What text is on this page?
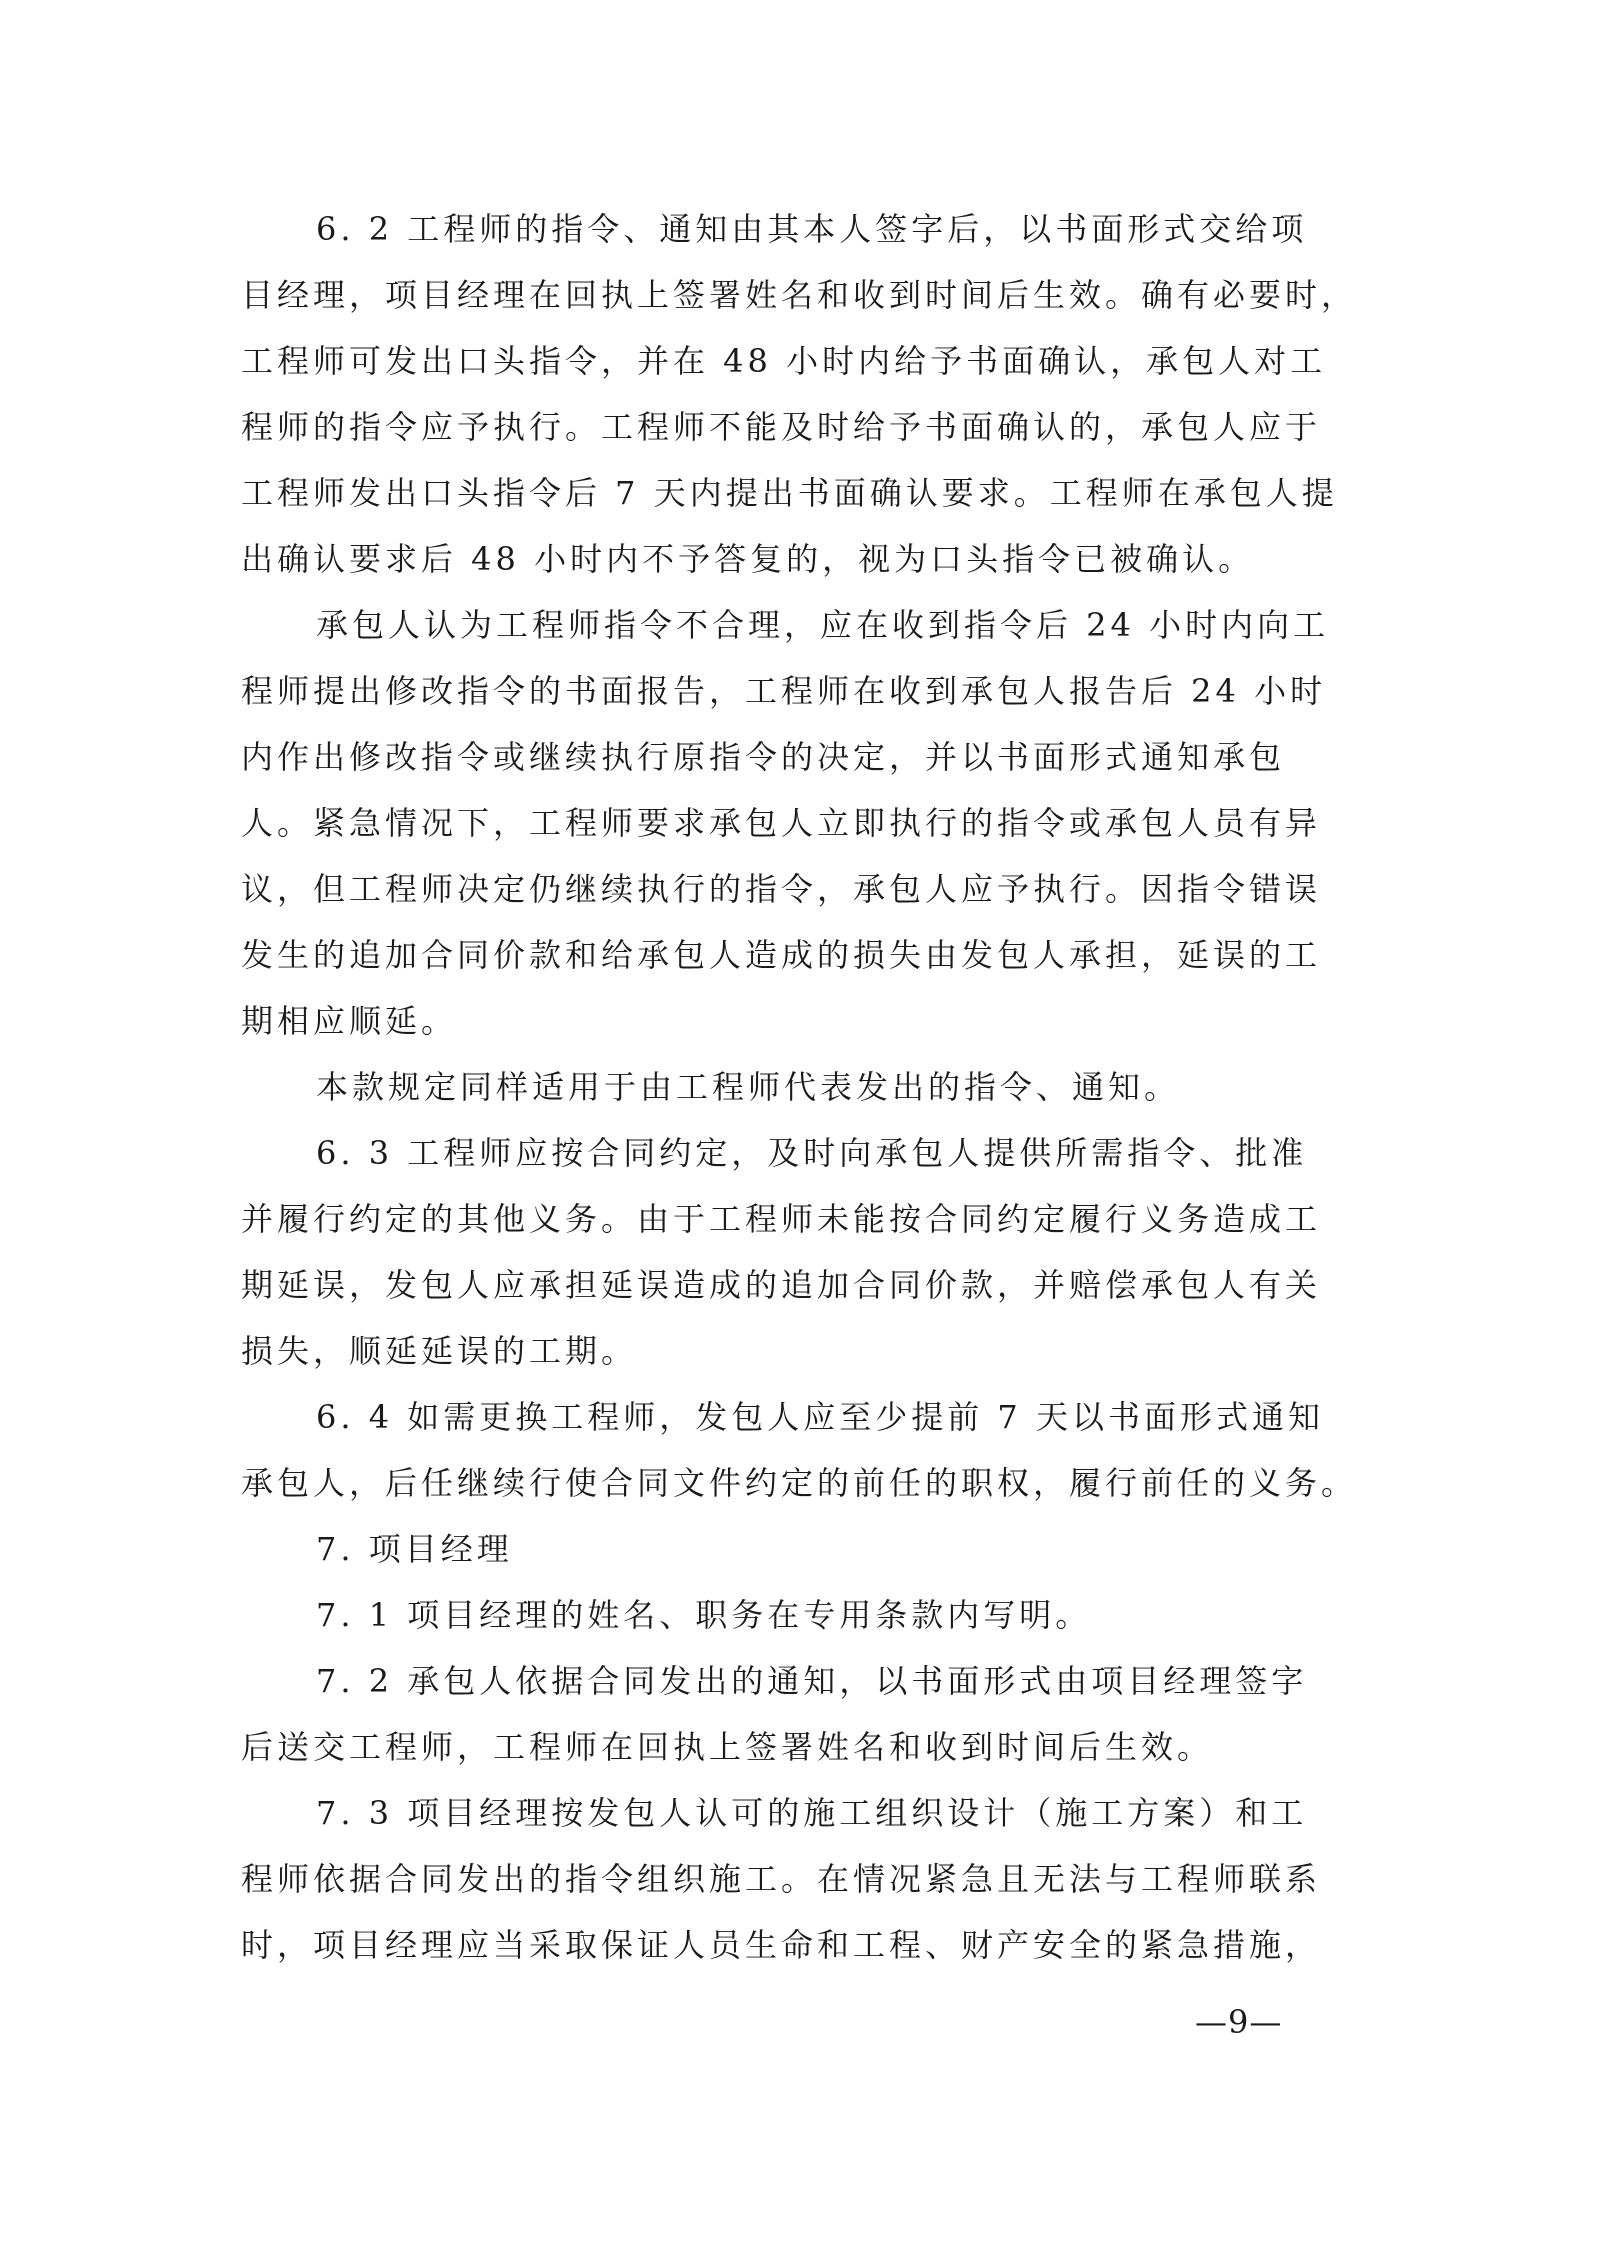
6. 2 工程师的指令、通知由其本人签字后，以书面形式交给项
目经理，项目经理在回执上签署姓名和收到时间后生效。确有必要时，
工程师可发出口头指令，并在 48 小时内给予书面确认，承包人对工
程师的指令应予执行。工程师不能及时给予书面确认的，承包人应于
工程师发出口头指令后 7 天内提出书面确认要求。工程师在承包人提
出确认要求后 48 小时内不予答复的，视为口头指令已被确认。

承包人认为工程师指令不合理，应在收到指令后 24 小时内向工
程师提出修改指令的书面报告，工程师在收到承包人报告后 24 小时
内作出修改指令或继续执行原指令的决定，并以书面形式通知承包
人。紧急情况下，工程师要求承包人立即执行的指令或承包人员有异
议，但工程师决定仍继续执行的指令，承包人应予执行。因指令错误
发生的追加合同价款和给承包人造成的损失由发包人承担，延误的工
期相应顺延。

本款规定同样适用于由工程师代表发出的指令、通知。

6. 3 工程师应按合同约定，及时向承包人提供所需指令、批准
并履行约定的其他义务。由于工程师未能按合同约定履行义务造成工
期延误，发包人应承担延误造成的追加合同价款，并赔偿承包人有关
损失，顺延延误的工期。

6. 4 如需更换工程师，发包人应至少提前 7 天以书面形式通知
承包人，后任继续行使合同文件约定的前任的职权，履行前任的义务。

7. 项目经理

7. 1 项目经理的姓名、职务在专用条款内写明。

7. 2 承包人依据合同发出的通知，以书面形式由项目经理签字
后送交工程师，工程师在回执上签署姓名和收到时间后生效。

7. 3 项目经理按发包人认可的施工组织设计（施工方案）和工
程师依据合同发出的指令组织施工。在情况紧急且无法与工程师联系
时，项目经理应当采取保证人员生命和工程、财产安全的紧急措施，

—9—
